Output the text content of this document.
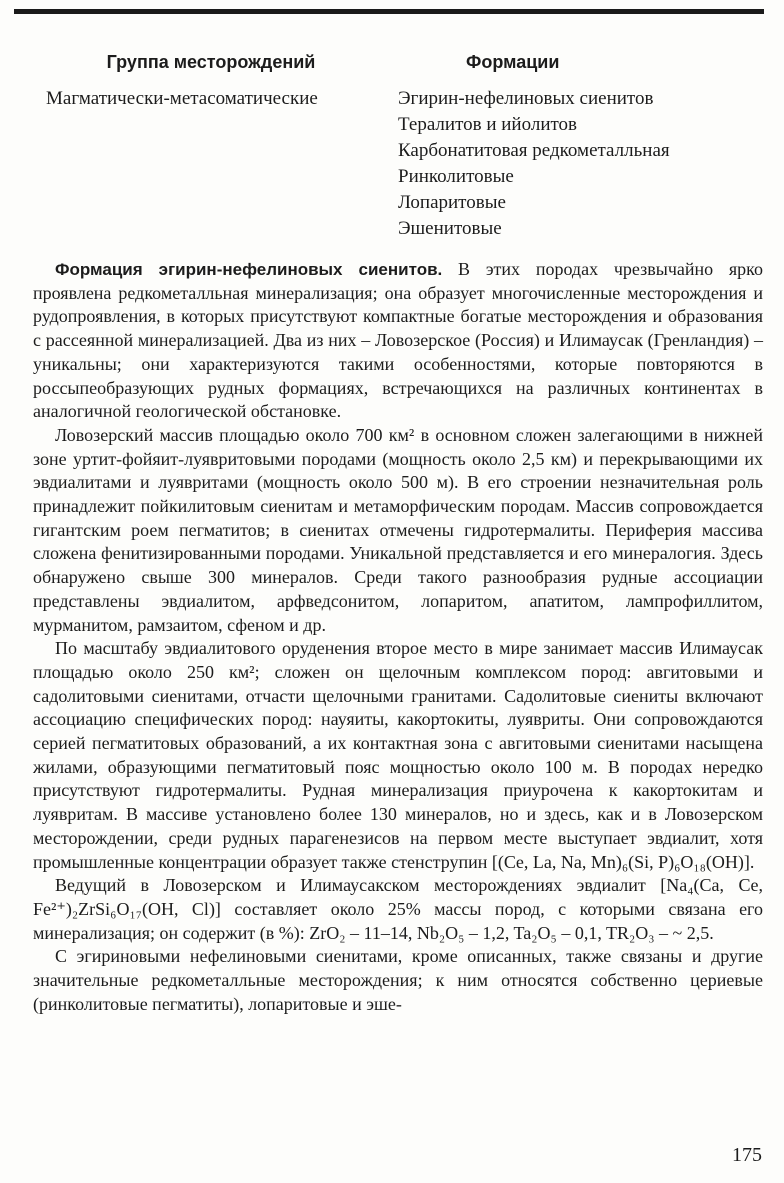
Группа месторождений	Формации
Магматически-метасоматические	Эгирин-нефелиновых сиенитов
Тералитов и ийолитов
Карбонатитовая редкометалльная
Ринколитовые
Лопаритовые
Эшенитовые

Формация эгирин-нефелиновых сиенитов. В этих породах чрезвычайно ярко проявлена редкометалльная минерализация; она образует многочисленные месторождения и рудопроявления, в которых присутствуют компактные богатые месторождения и образования с рассеянной минерализацией. Два из них – Ловозерское (Россия) и Илимаусак (Гренландия) – уникальны; они характеризуются такими особенностями, которые повторяются в россыпеобразующих рудных формациях, встречающихся на различных континентах в аналогичной геологической обстановке.

Ловозерский массив площадью около 700 км² в основном сложен залегающими в нижней зоне уртит-фойяит-луявритовыми породами (мощность около 2,5 км) и перекрывающими их эвдиалитами и луявритами (мощность около 500 м). В его строении незначительная роль принадлежит пойкилитовым сиенитам и метаморфическим породам. Массив сопровождается гигантским роем пегматитов; в сиенитах отмечены гидротермалиты. Периферия массива сложена фенитизированными породами. Уникальной представляется и его минералогия. Здесь обнаружено свыше 300 минералов. Среди такого разнообразия рудные ассоциации представлены эвдиалитом, арфведсонитом, лопаритом, апатитом, лампрофиллитом, мурманитом, рамзаитом, сфеном и др.

По масштабу эвдиалитового оруденения второе место в мире занимает массив Илимаусак площадью около 250 км²; сложен он щелочным комплексом пород: авгитовыми и садолитовыми сиенитами, отчасти щелочными гранитами. Садолитовые сиениты включают ассоциацию специфических пород: науяиты, какортокиты, луявриты. Они сопровождаются серией пегматитовых образований, а их контактная зона с авгитовыми сиенитами насыщена жилами, образующими пегматитовый пояс мощностью около 100 м. В породах нередко присутствуют гидротермалиты. Рудная минерализация приурочена к какортокитам и луявритам. В массиве установлено более 130 минералов, но и здесь, как и в Ловозерском месторождении, среди рудных парагенезисов на первом месте выступает эвдиалит, хотя промышленные концентрации образует также стенструпин [(Ce, La, Na, Mn)₆(Si, P)₆O₁₈(OH)].

Ведущий в Ловозерском и Илимаусакском месторождениях эвдиалит [Na₄(Ca, Ce, Fe²⁺)₂ZrSi₆O₁₇(OH, Cl)] составляет около 25% массы пород, с которыми связана его минерализация; он содержит (в %): ZrO₂ – 11–14, Nb₂O₅ – 1,2, Ta₂O₅ – 0,1, TR₂O₃ – ~ 2,5.

С эгириновыми нефелиновыми сиенитами, кроме описанных, также связаны и другие значительные редкометалльные месторождения; к ним относятся собственно цериевые (ринколитовые пегматиты), лопаритовые и эше-

175
